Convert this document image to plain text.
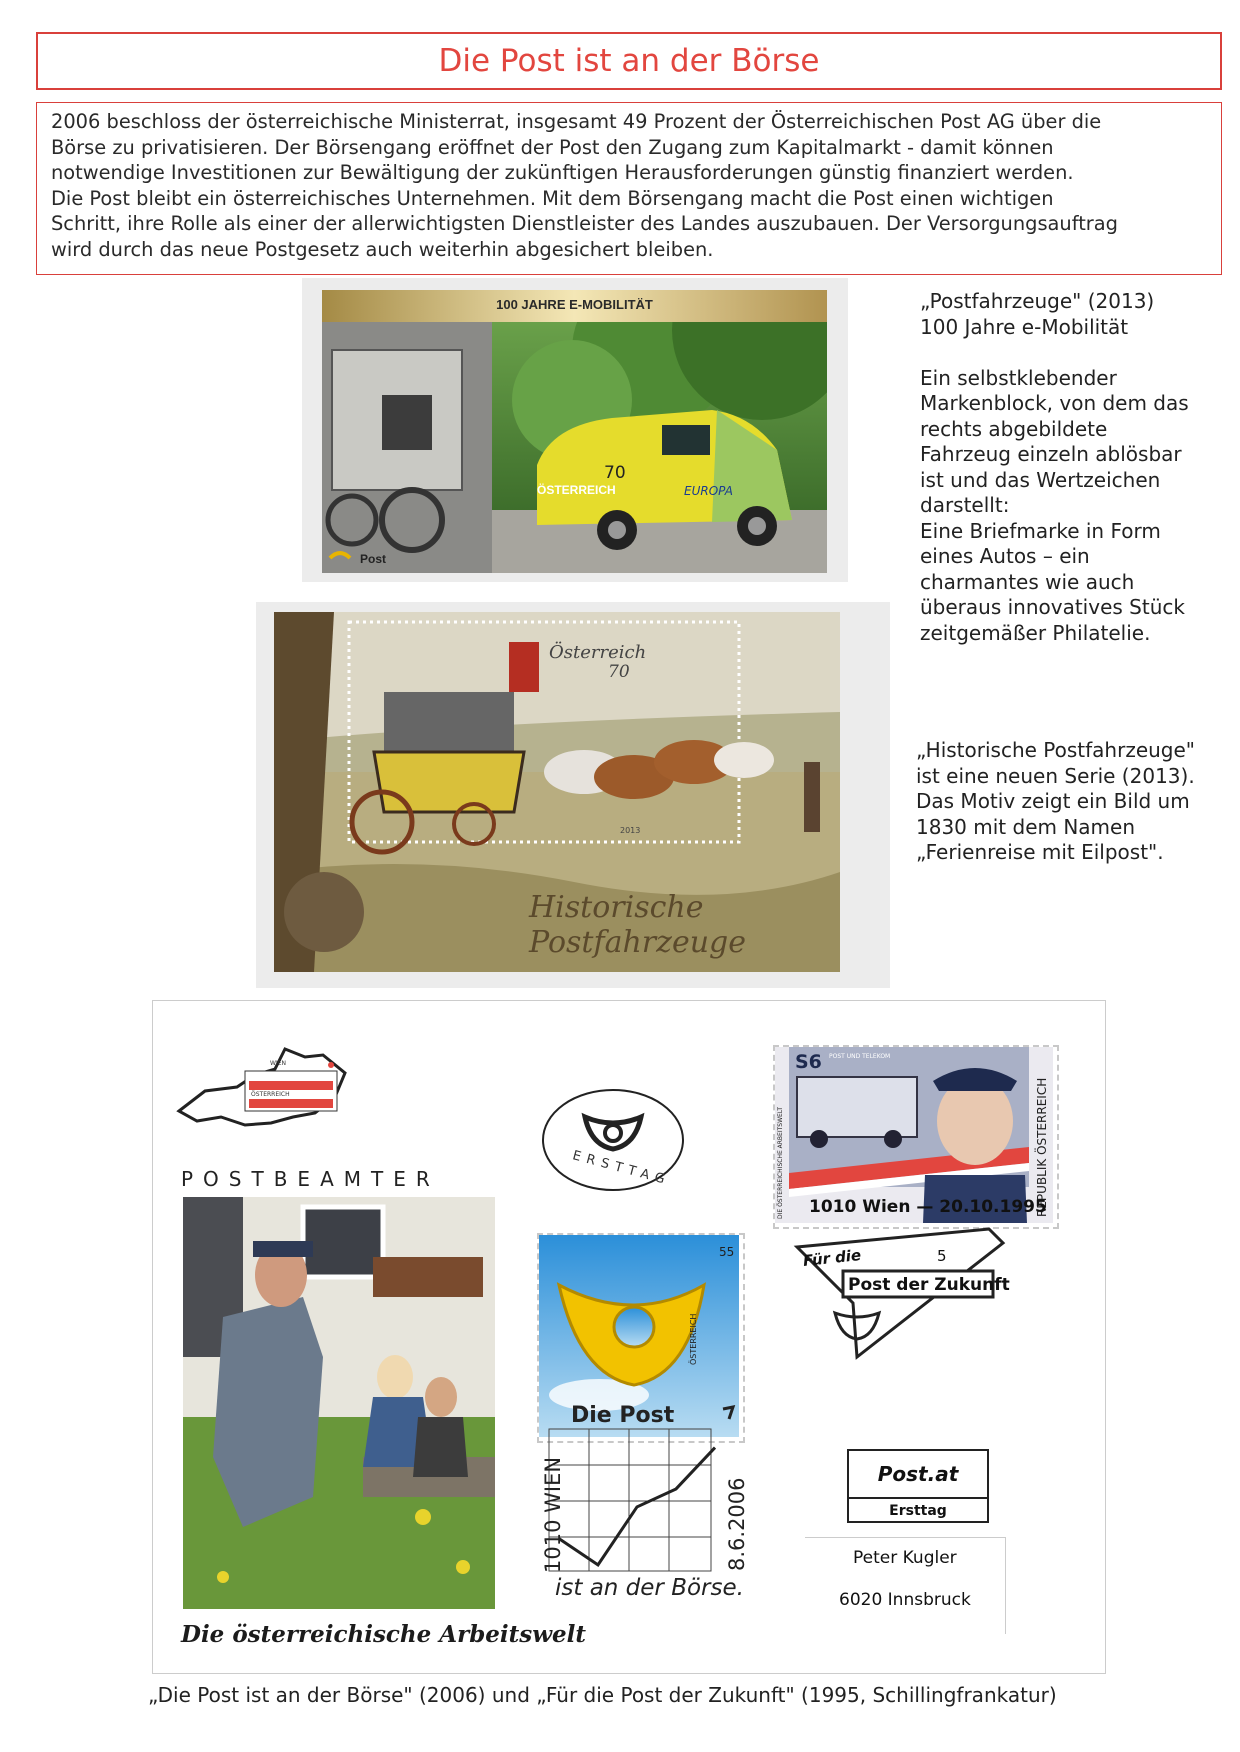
Die Post ist an der Börse
2006 beschloss der österreichische Ministerrat, insgesamt 49 Prozent der Österreichischen Post AG über die
Börse zu privatisieren. Der Börsengang eröffnet der Post den Zugang zum Kapitalmarkt - damit können
notwendige Investitionen zur Bewältigung der zukünftigen Herausforderungen günstig finanziert werden.
Die Post bleibt ein österreichisches Unternehmen. Mit dem Börsengang macht die Post einen wichtigen
Schritt, ihre Rolle als einer der allerwichtigsten Dienstleister des Landes auszubauen. Der Versorgungsauftrag
wird durch das neue Postgesetz auch weiterhin abgesichert bleiben.
100 JAHRE E-MOBILITÄT
70
ÖSTERREICH	EUROPA
Post
„Postfahrzeuge" (2013)
100 Jahre e-Mobilität
Ein selbstklebender
Markenblock, von dem das
rechts abgebildete
Fahrzeug einzeln ablösbar
ist und das Wertzeichen
darstellt:
Eine Briefmarke in Form
eines Autos – ein
charmantes wie auch
überaus innovatives Stück
zeitgemäßer Philatelie.
Österreich
70
2013
Historische Postfahrzeuge
„Historische Postfahrzeuge"
ist eine neuen Serie (2013).
Das Motiv zeigt ein Bild um
1830 mit dem Namen
„Ferienreise mit Eilpost".
WIEN
ÖSTERREICH
POSTBEAMTER
Die österreichische Arbeitswelt
ERSTTAG
55
ÖSTERREICH
Die Post
1010 WIEN	8.6.2006
ist an der Börse.
S6 POST UND TELEKOM
DIE ÖSTERREICHISCHE ARBEITSWELT	REPUBLIK ÖSTERREICH
1010 Wien — 20.10.1995
Für die	5
Post der Zukunft
Post.at
Ersttag
Peter Kugler
6020 Innsbruck
„Die Post ist an der Börse" (2006) und „Für die Post der Zukunft" (1995, Schillingfrankatur)
